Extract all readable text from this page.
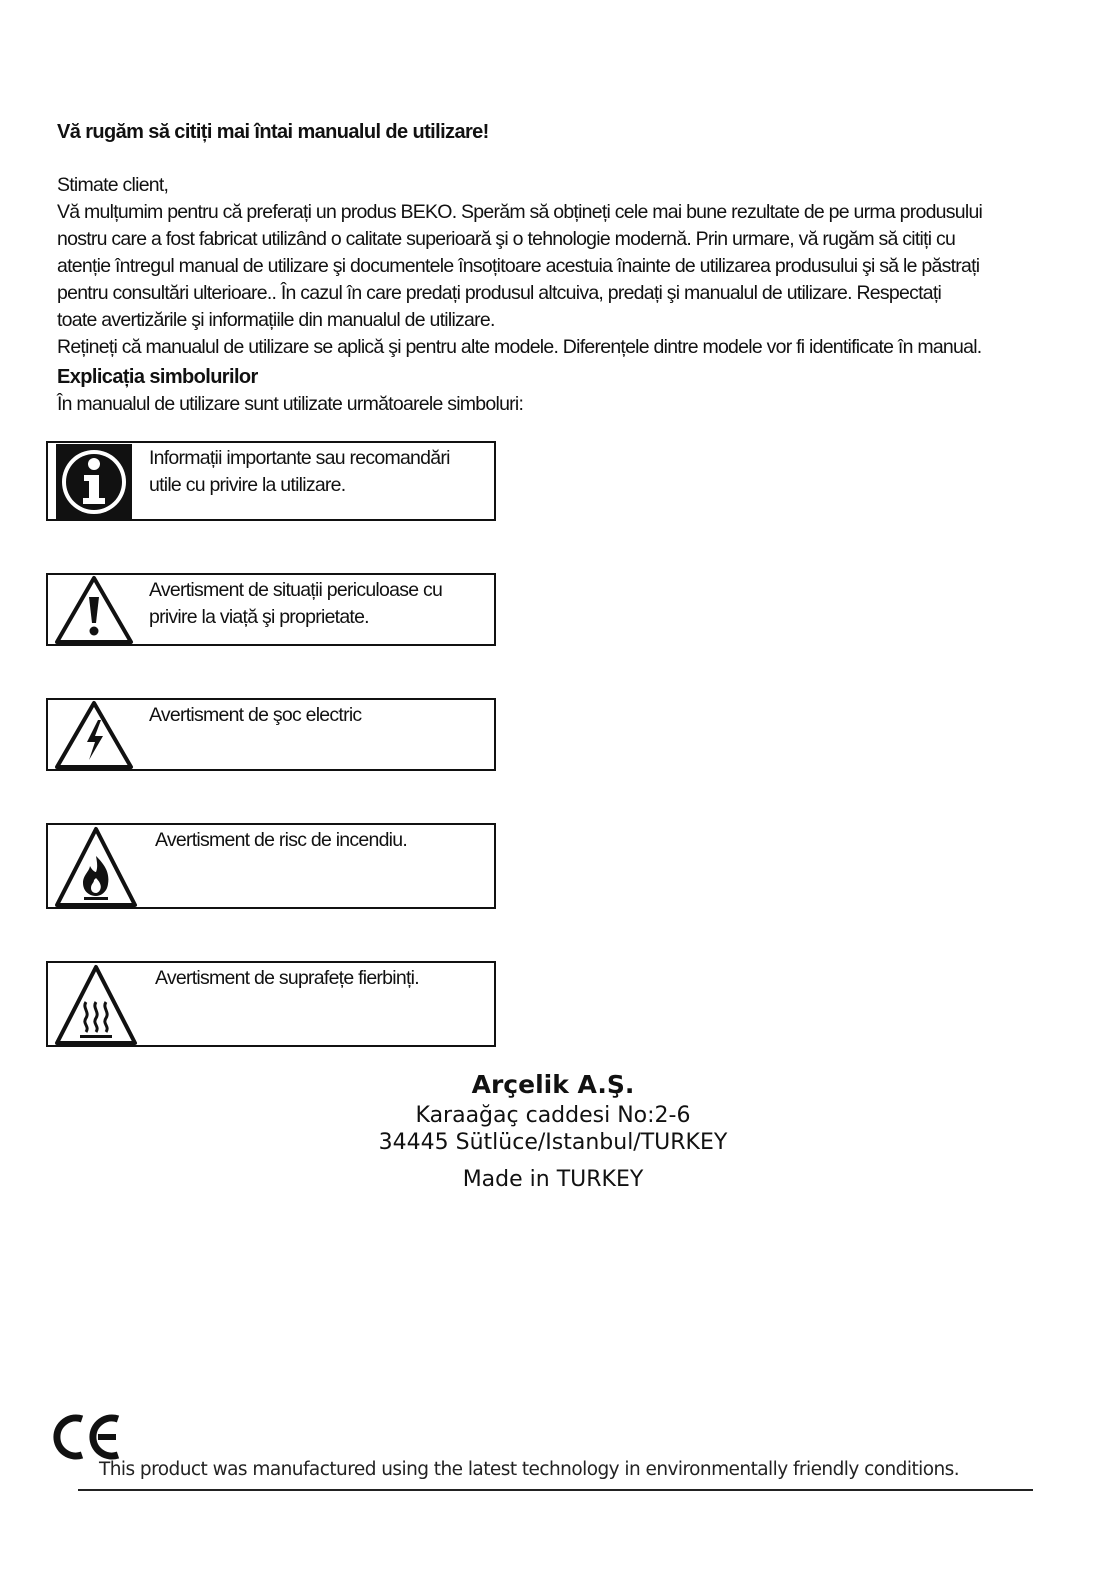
Vă rugăm să citiți mai întai manualul de utilizare!
Stimate client,
Vă mulțumim pentru că preferați un produs BEKO. Sperăm să obțineți cele mai bune rezultate de pe urma produsului
nostru care a fost fabricat utilizând o calitate superioară şi o tehnologie modernă. Prin urmare, vă rugăm să citiți cu
atenție întregul manual de utilizare şi documentele însoțitoare acestuia înainte de utilizarea produsului şi să le păstrați
pentru consultări ulterioare.. În cazul în care predați produsul altcuiva, predați şi manualul de utilizare. Respectați
toate avertizările şi informațiile din manualul de utilizare.
Rețineți că manualul de utilizare se aplică şi pentru alte modele. Diferențele dintre modele vor fi identificate în manual.
Explicația simbolurilor
În manualul de utilizare sunt utilizate următoarele simboluri:
Informații importante sau recomandări
utile cu privire la utilizare.
Avertisment de situații periculoase cu
privire la viață şi proprietate.
Avertisment de şoc electric
Avertisment de risc de incendiu.
Avertisment de suprafețe fierbinți.
Arçelik A.Ş.
Karaağaç caddesi No:2-6
34445 Sütlüce/Istanbul/TURKEY
Made in TURKEY
This product was manufactured using the latest technology in environmentally friendly conditions.
